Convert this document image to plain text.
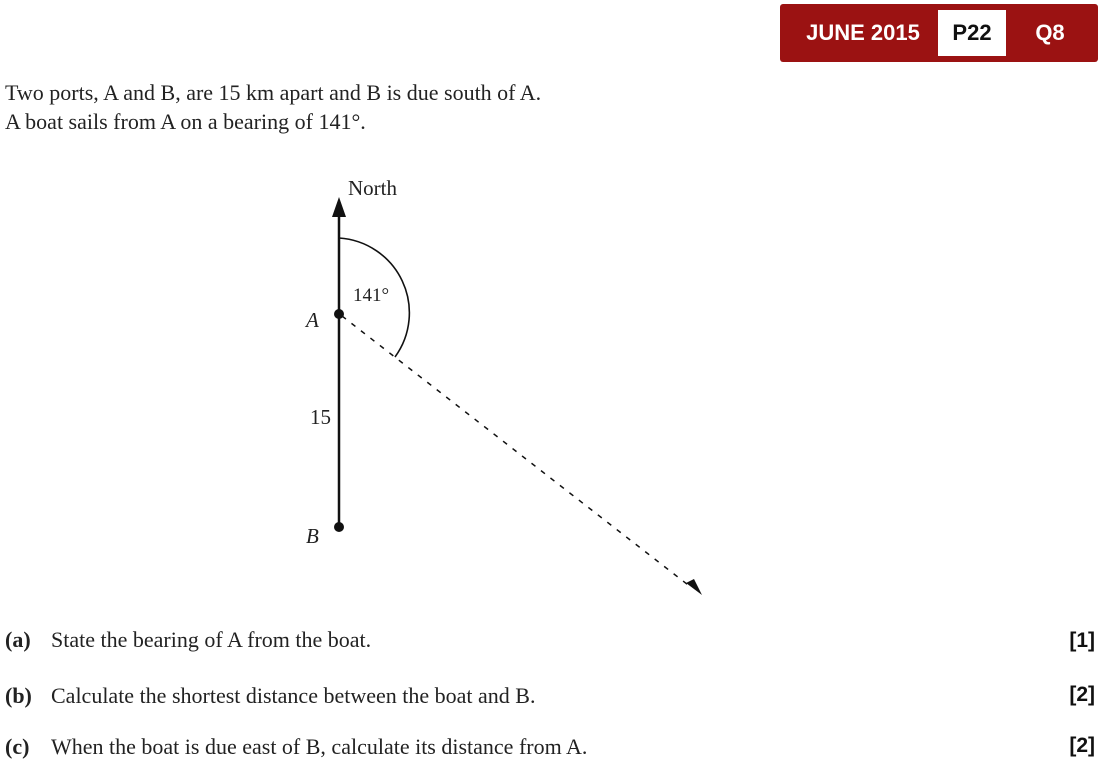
JUNE 2015	P22	Q8
Two ports, A and B, are 15 km apart and B is due south of A.
A boat sails from A on a bearing of 141°.
North
141°
A
15
B
(a) State the bearing of A from the boat.	[1]
(b) Calculate the shortest distance between the boat and B.	[2]
(c) When the boat is due east of B, calculate its distance from A.	[2]
